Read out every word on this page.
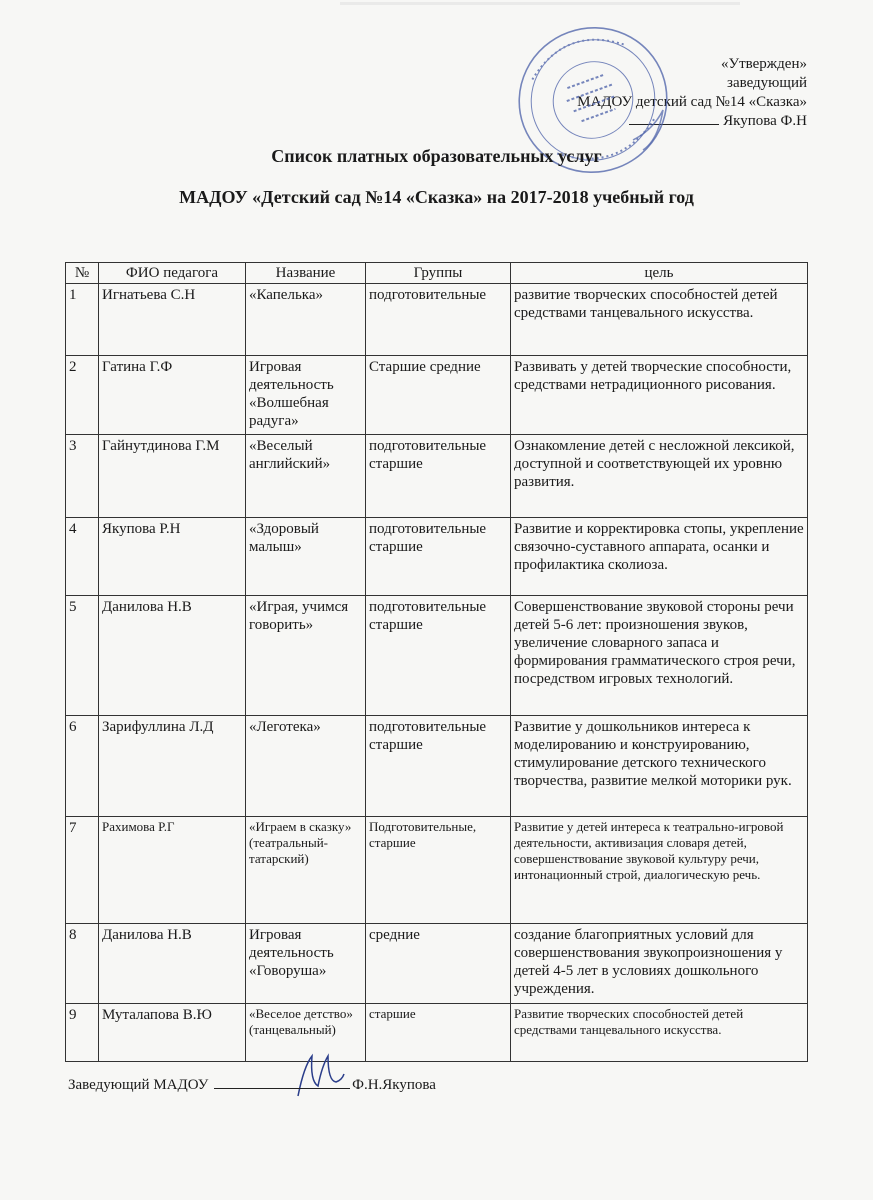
«Утвержден»
заведующий
МАДОУ детский сад №14 «Сказка»
Якупова Ф.Н
Список платных образовательных услуг
МАДОУ «Детский сад №14 «Сказка» на 2017-2018 учебный год
№	ФИО педагога	Название	Группы	цель
1	Игнатьева С.Н	«Капелька»	подготовительные	развитие творческих способностей детей средствами танцевального искусства.
2	Гатина Г.Ф	Игровая деятельность «Волшебная радуга»	Старшие средние	Развивать у детей творческие способности, средствами нетрадиционного рисования.
3	Гайнутдинова Г.М	«Веселый английский»	подготовительные старшие	Ознакомление детей с несложной лексикой, доступной и соответствующей их уровню развития.
4	Якупова Р.Н	«Здоровый малыш»	подготовительные старшие	Развитие и корректировка стопы, укрепление связочно-суставного аппарата, осанки и профилактика сколиоза.
5	Данилова Н.В	«Играя, учимся говорить»	подготовительные старшие	Совершенствование звуковой стороны речи детей 5-6 лет: произношения звуков, увеличение словарного запаса и формирования грамматического строя речи, посредством игровых технологий.
6	Зарифуллина Л.Д	«Леготека»	подготовительные старшие	Развитие у дошкольников интереса к моделированию и конструированию, стимулирование детского технического творчества, развитие мелкой моторики рук.
7	Рахимова Р.Г	«Играем в сказку» (театральный-татарский)	Подготовительные, старшие	Развитие у детей интереса к театрально-игровой деятельности, активизация словаря детей, совершенствование звуковой культуру речи, интонационный строй, диалогическую речь.
8	Данилова Н.В	Игровая деятельность «Говоруша»	средние	создание благоприятных условий для совершенствования звукопроизношения у детей 4-5 лет в условиях дошкольного учреждения.
9	Муталапова В.Ю	«Веселое детство» (танцевальный)	старшие	Развитие творческих способностей детей средствами танцевального искусства.
Заведующий МАДОУ	Ф.Н.Якупова
